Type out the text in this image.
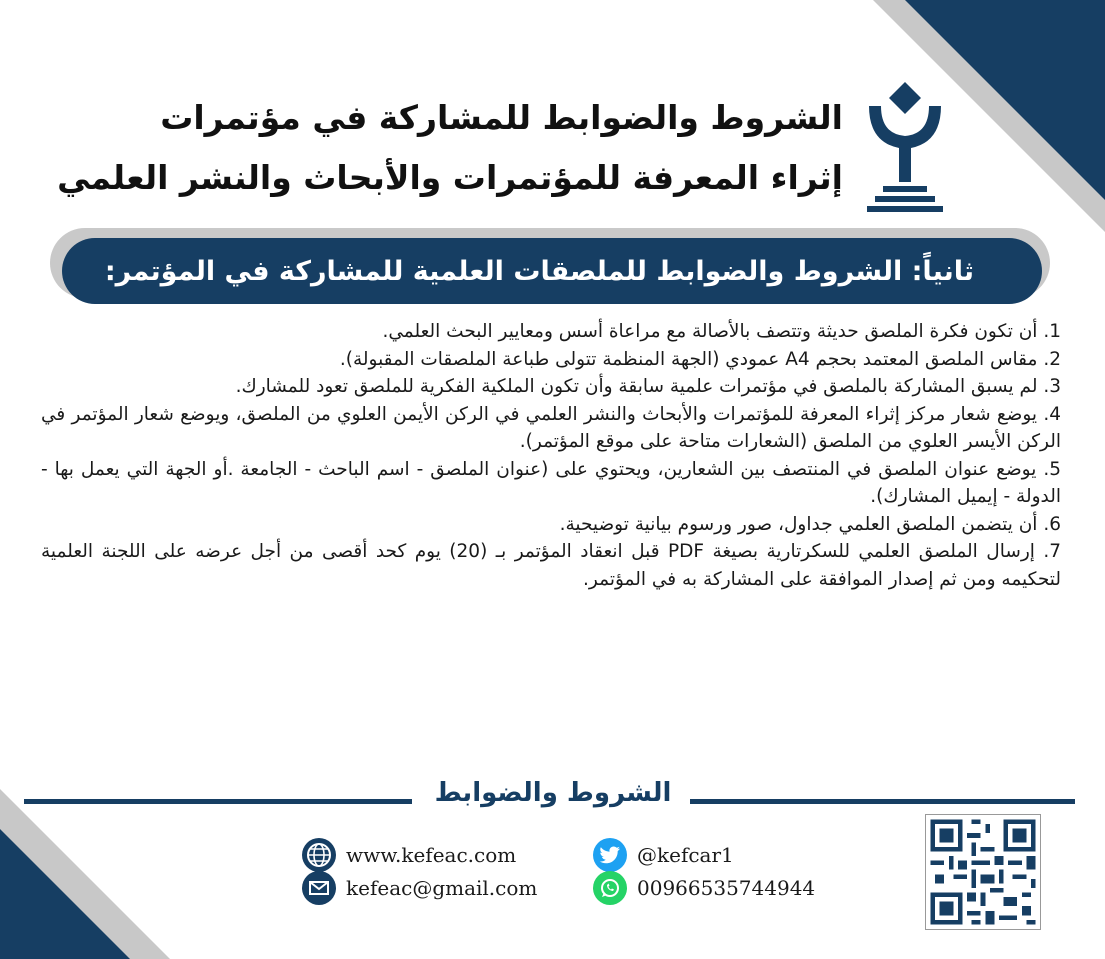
الشروط والضوابط للمشاركة في مؤتمرات
إثراء المعرفة للمؤتمرات والأبحاث والنشر العلمي
ثانياً: الشروط والضوابط للملصقات العلمية للمشاركة في المؤتمر:

1. أن تكون فكرة الملصق حديثة وتتصف بالأصالة مع مراعاة أسس ومعايير البحث العلمي.

2. مقاس الملصق المعتمد بحجم A4 عمودي (الجهة المنظمة تتولى طباعة الملصقات المقبولة).

3. لم يسبق المشاركة بالملصق في مؤتمرات علمية سابقة وأن تكون الملكية الفكرية للملصق تعود للمشارك.

4. يوضع شعار مركز إثراء المعرفة للمؤتمرات والأبحاث والنشر العلمي في الركن الأيمن العلوي من الملصق، ويوضع شعار المؤتمر في الركن الأيسر العلوي من الملصق (الشعارات متاحة على موقع المؤتمر).

5. يوضع عنوان الملصق في المنتصف بين الشعارين، ويحتوي على (عنوان الملصق - اسم الباحث - الجامعة .أو الجهة التي يعمل بها - الدولة - إيميل المشارك).

6. أن يتضمن الملصق العلمي جداول، صور ورسوم بيانية توضيحية.

7. إرسال الملصق العلمي للسكرتارية بصيغة PDF قبل انعقاد المؤتمر بـ (20) يوم كحد أقصى من أجل عرضه على اللجنة العلمية لتحكيمه ومن ثم إصدار الموافقة على المشاركة به في المؤتمر.

الشروط والضوابط
www.kefeac.com
kefeac@gmail.com
@kefcar1
00966535744944
